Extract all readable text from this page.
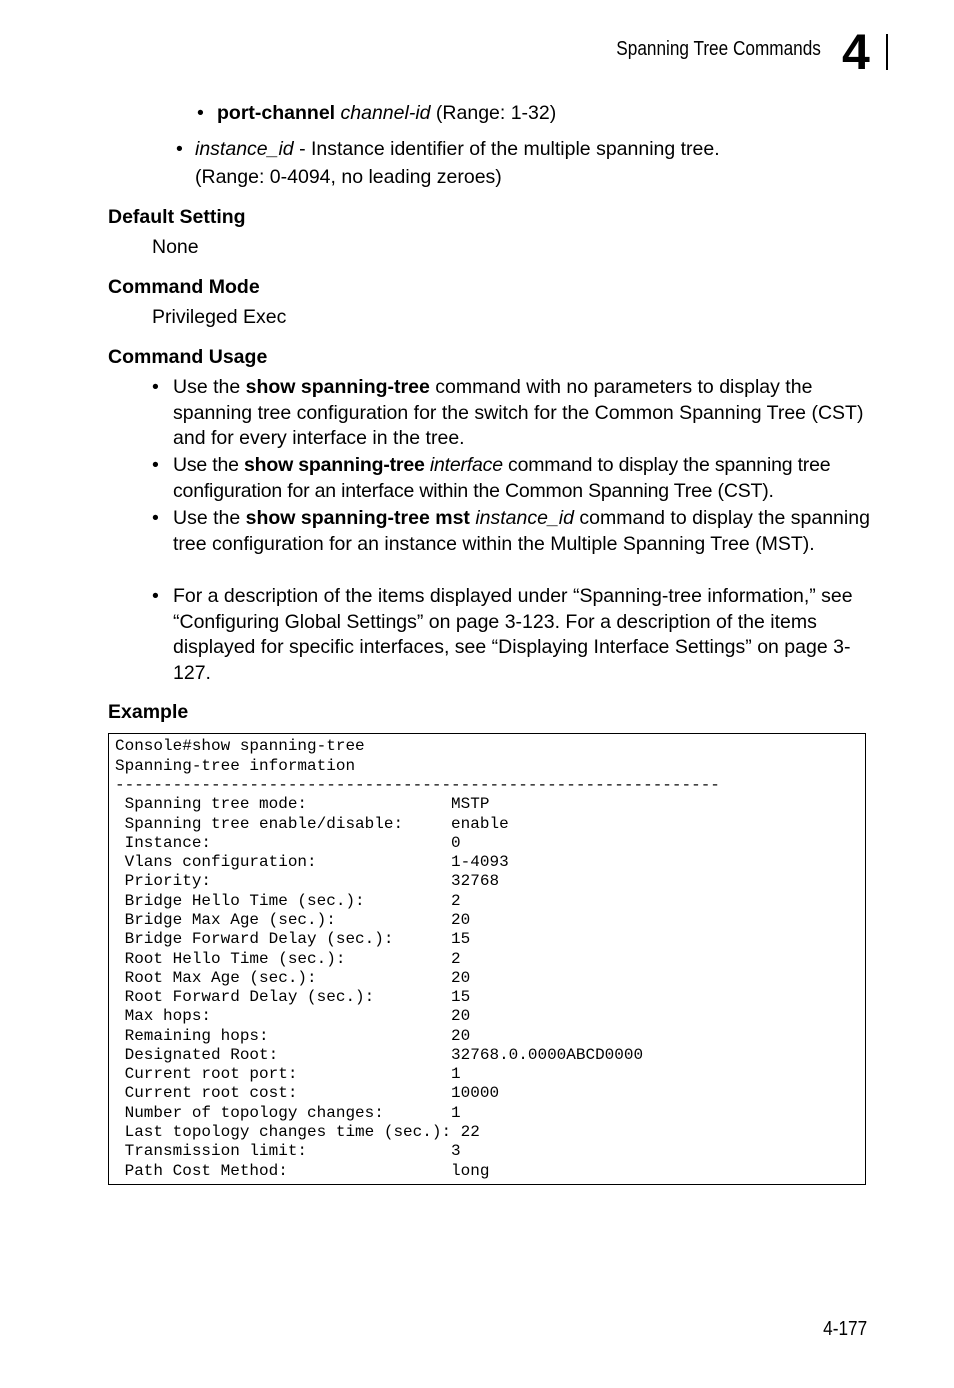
Spanning Tree Commands 4
• port-channel channel-id (Range: 1-32)
• instance_id - Instance identifier of the multiple spanning tree.
(Range: 0-4094, no leading zeroes)
Default Setting
None
Command Mode
Privileged Exec
Command Usage
• Use the show spanning-tree command with no parameters to display the spanning tree configuration for the switch for the Common Spanning Tree (CST) and for every interface in the tree.
• Use the show spanning-tree interface command to display the spanning tree configuration for an interface within the Common Spanning Tree (CST).
• Use the show spanning-tree mst instance_id command to display the spanning tree configuration for an instance within the Multiple Spanning Tree (MST).
• For a description of the items displayed under “Spanning-tree information,” see “Configuring Global Settings” on page 3-123. For a description of the items displayed for specific interfaces, see “Displaying Interface Settings” on page 3-127.
Example
Console#show spanning-tree
Spanning-tree information
---------------------------------------------------------------
Spanning tree mode:               MSTP
Spanning tree enable/disable:     enable
Instance:                         0
Vlans configuration:              1-4093
Priority:                         32768
Bridge Hello Time (sec.):         2
Bridge Max Age (sec.):            20
Bridge Forward Delay (sec.):      15
Root Hello Time (sec.):           2
Root Max Age (sec.):              20
Root Forward Delay (sec.):        15
Max hops:                         20
Remaining hops:                   20
Designated Root:                  32768.0.0000ABCD0000
Current root port:                1
Current root cost:                10000
Number of topology changes:       1
Last topology changes time (sec.): 22
Transmission limit:               3
Path Cost Method:                 long
4-177
